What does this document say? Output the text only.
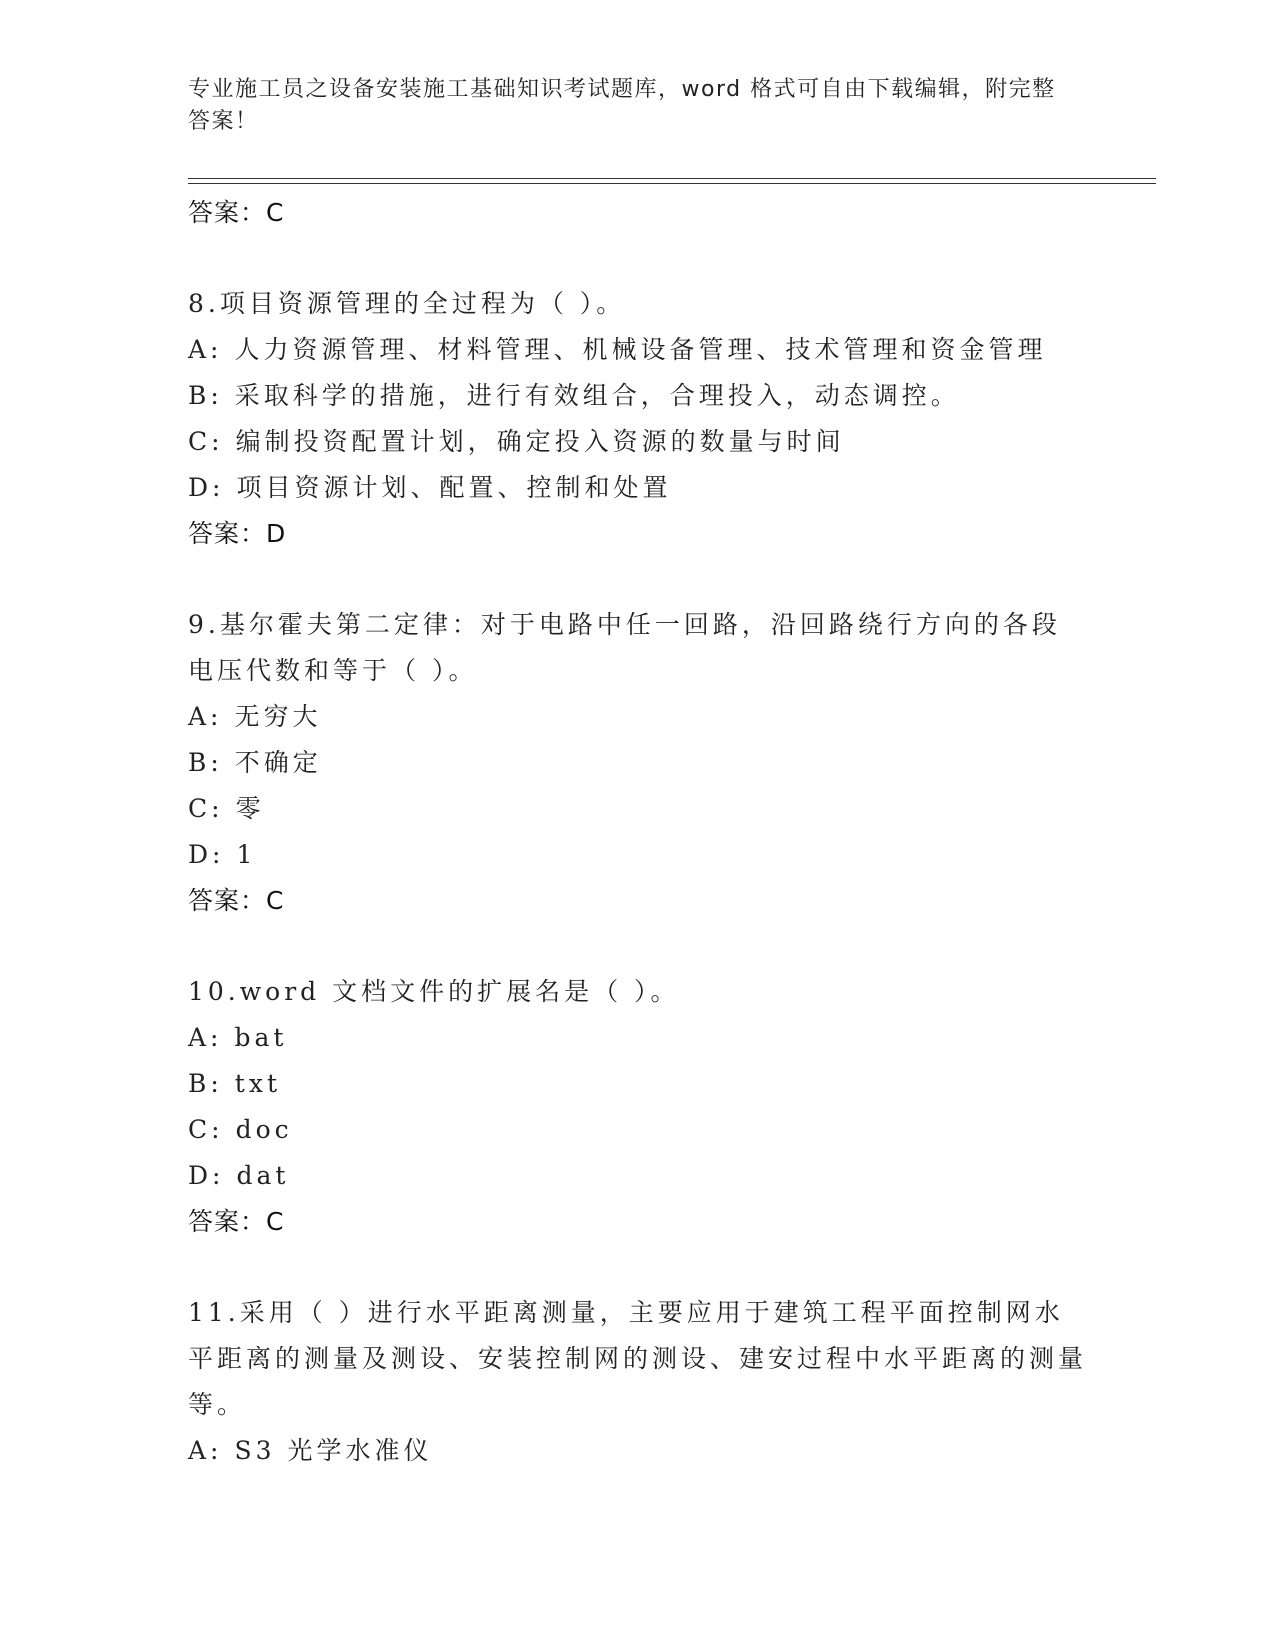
专业施工员之设备安装施工基础知识考试题库，word 格式可自由下载编辑，附完整答案！
答案：C
8.项目资源管理的全过程为（ ）。
A: 人力资源管理、材料管理、机械设备管理、技术管理和资金管理
B: 采取科学的措施，进行有效组合，合理投入，动态调控。
C: 编制投资配置计划，确定投入资源的数量与时间
D: 项目资源计划、配置、控制和处置
答案：D
9.基尔霍夫第二定律：对于电路中任一回路，沿回路绕行方向的各段电压代数和等于（ ）。
A: 无穷大
B: 不确定
C: 零
D: 1
答案：C
10.word 文档文件的扩展名是（ ）。
A: bat
B: txt
C: doc
D: dat
答案：C
11.采用（ ）进行水平距离测量，主要应用于建筑工程平面控制网水平距离的测量及测设、安装控制网的测设、建安过程中水平距离的测量等。
A: S3 光学水准仪
